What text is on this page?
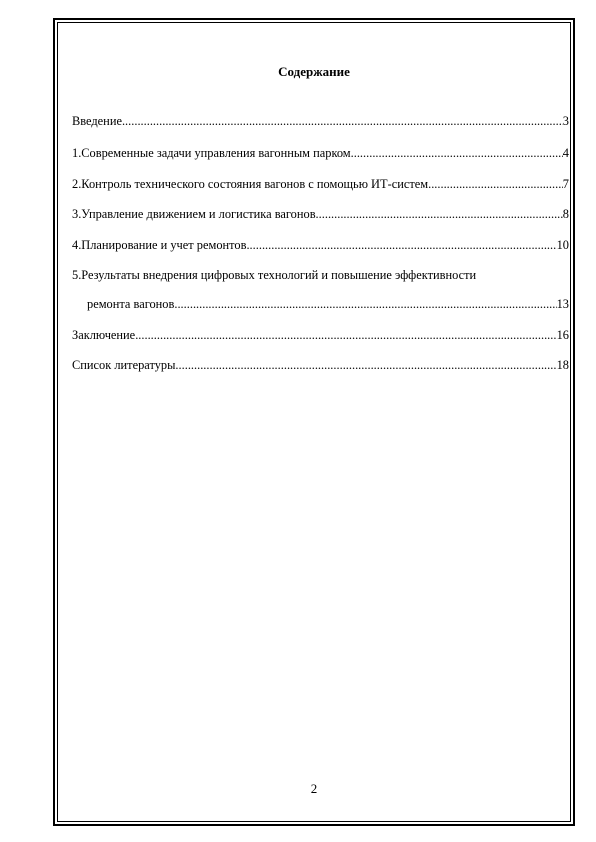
Содержание
Введение .....	3
1.Современные задачи управления вагонным парком .....	4
2.Контроль технического состояния вагонов с помощью ИТ-систем .....	7
3.Управление движением и логистика вагонов .....	8
4.Планирование и учет ремонтов .....	10
5.Результаты внедрения цифровых технологий и повышение эффективности
ремонта вагонов .....	13
Заключение .....	16
Список литературы .....	18
2
